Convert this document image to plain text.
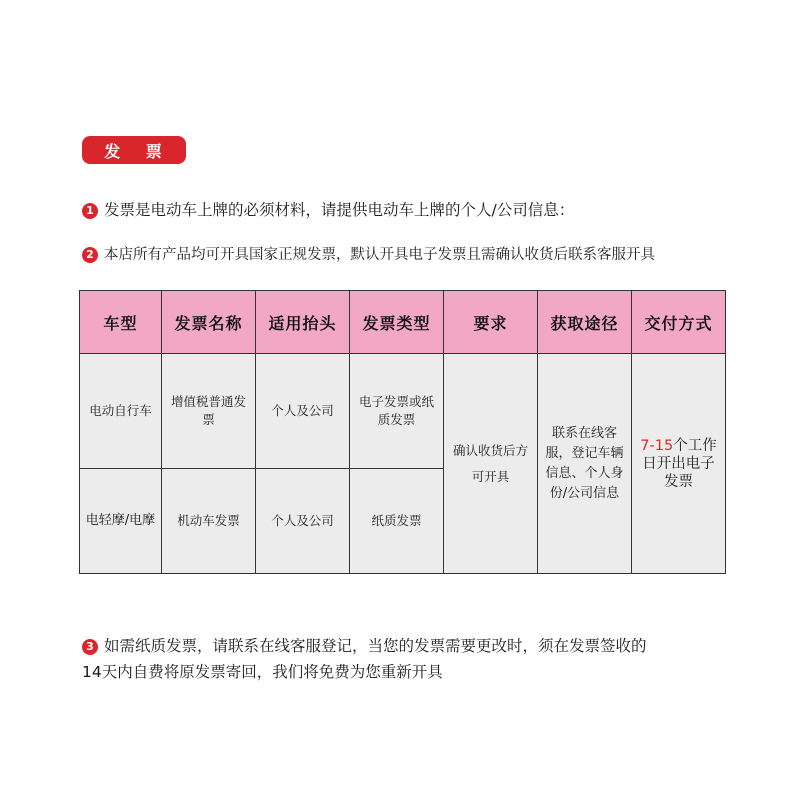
发 票
1 发票是电动车上牌的必须材料，请提供电动车上牌的个人/公司信息：
2 本店所有产品均可开具国家正规发票，默认开具电子发票且需确认收货后联系客服开具
车型	发票名称	适用抬头	发票类型	要求	获取途径	交付方式
电动自行车	增值税普通发票	个人及公司	电子发票或纸质发票	确认收货后方可开具	联系在线客服，登记车辆信息、个人身份/公司信息	7-15个工作日开出电子发票
电轻摩/电摩	机动车发票	个人及公司	纸质发票			
3 如需纸质发票，请联系在线客服登记，当您的发票需要更改时，须在发票签收的
14天内自费将原发票寄回，我们将免费为您重新开具
